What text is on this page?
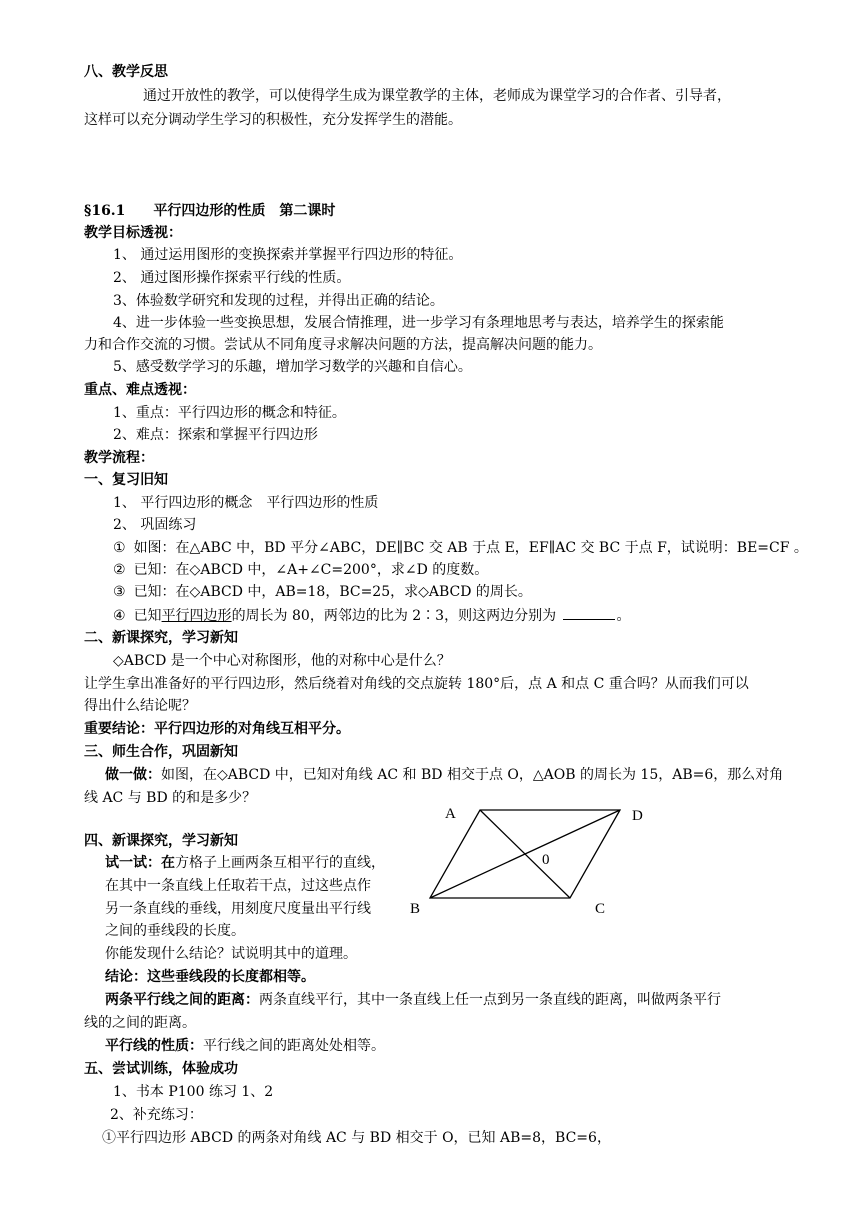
八、教学反思
通过开放性的教学，可以使得学生成为课堂教学的主体，老师成为课堂学习的合作者、引导者，
这样可以充分调动学生学习的积极性，充分发挥学生的潜能。
§16.1　　平行四边形的性质　第二课时
教学目标透视：
1、 通过运用图形的变换探索并掌握平行四边形的特征。
2、 通过图形操作探索平行线的性质。
3、体验数学研究和发现的过程，并得出正确的结论。
4、进一步体验一些变换思想，发展合情推理，进一步学习有条理地思考与表达，培养学生的探索能
力和合作交流的习惯。尝试从不同角度寻求解决问题的方法，提高解决问题的能力。
5、感受数学学习的乐趣，增加学习数学的兴趣和自信心。
重点、难点透视：
1、重点：平行四边形的概念和特征。
2、难点：探索和掌握平行四边形
教学流程：
一、复习旧知
1、 平行四边形的概念　平行四边形的性质
2、 巩固练习
① 如图：在△ABC 中，BD 平分∠ABC，DE∥BC 交 AB 于点 E，EF∥AC 交 BC 于点 F，试说明：BE=CF 。
② 已知：在◇ABCD 中，∠A+∠C=200°，求∠D 的度数。
③ 已知：在◇ABCD 中，AB=18，BC=25，求◇ABCD 的周长。
④ 已知平行四边形的周长为 80，两邻边的比为 2∶3，则这两边分别为	。
二、新课探究，学习新知
◇ABCD 是一个中心对称图形，他的对称中心是什么？
让学生拿出准备好的平行四边形，然后绕着对角线的交点旋转 180°后，点 A 和点 C 重合吗？从而我们可以
得出什么结论呢？
重要结论：平行四边形的对角线互相平分。
三、师生合作，巩固新知
做一做：如图，在◇ABCD 中，已知对角线 AC 和 BD 相交于点 O，△AOB 的周长为 15，AB=6，那么对角
线 AC 与 BD 的和是多少？
A	D
B	C
0
四、新课探究，学习新知
试一试：在方格子上画两条互相平行的直线，
在其中一条直线上任取若干点，过这些点作
另一条直线的垂线，用刻度尺度量出平行线
之间的垂线段的长度。
你能发现什么结论？试说明其中的道理。
结论：这些垂线段的长度都相等。
两条平行线之间的距离：两条直线平行，其中一条直线上任一点到另一条直线的距离，叫做两条平行
线的之间的距离。
平行线的性质：平行线之间的距离处处相等。
五、尝试训练，体验成功
1、书本 P100 练习 1、2
2、补充练习：
①平行四边形 ABCD 的两条对角线 AC 与 BD 相交于 O，已知 AB=8，BC=6，
